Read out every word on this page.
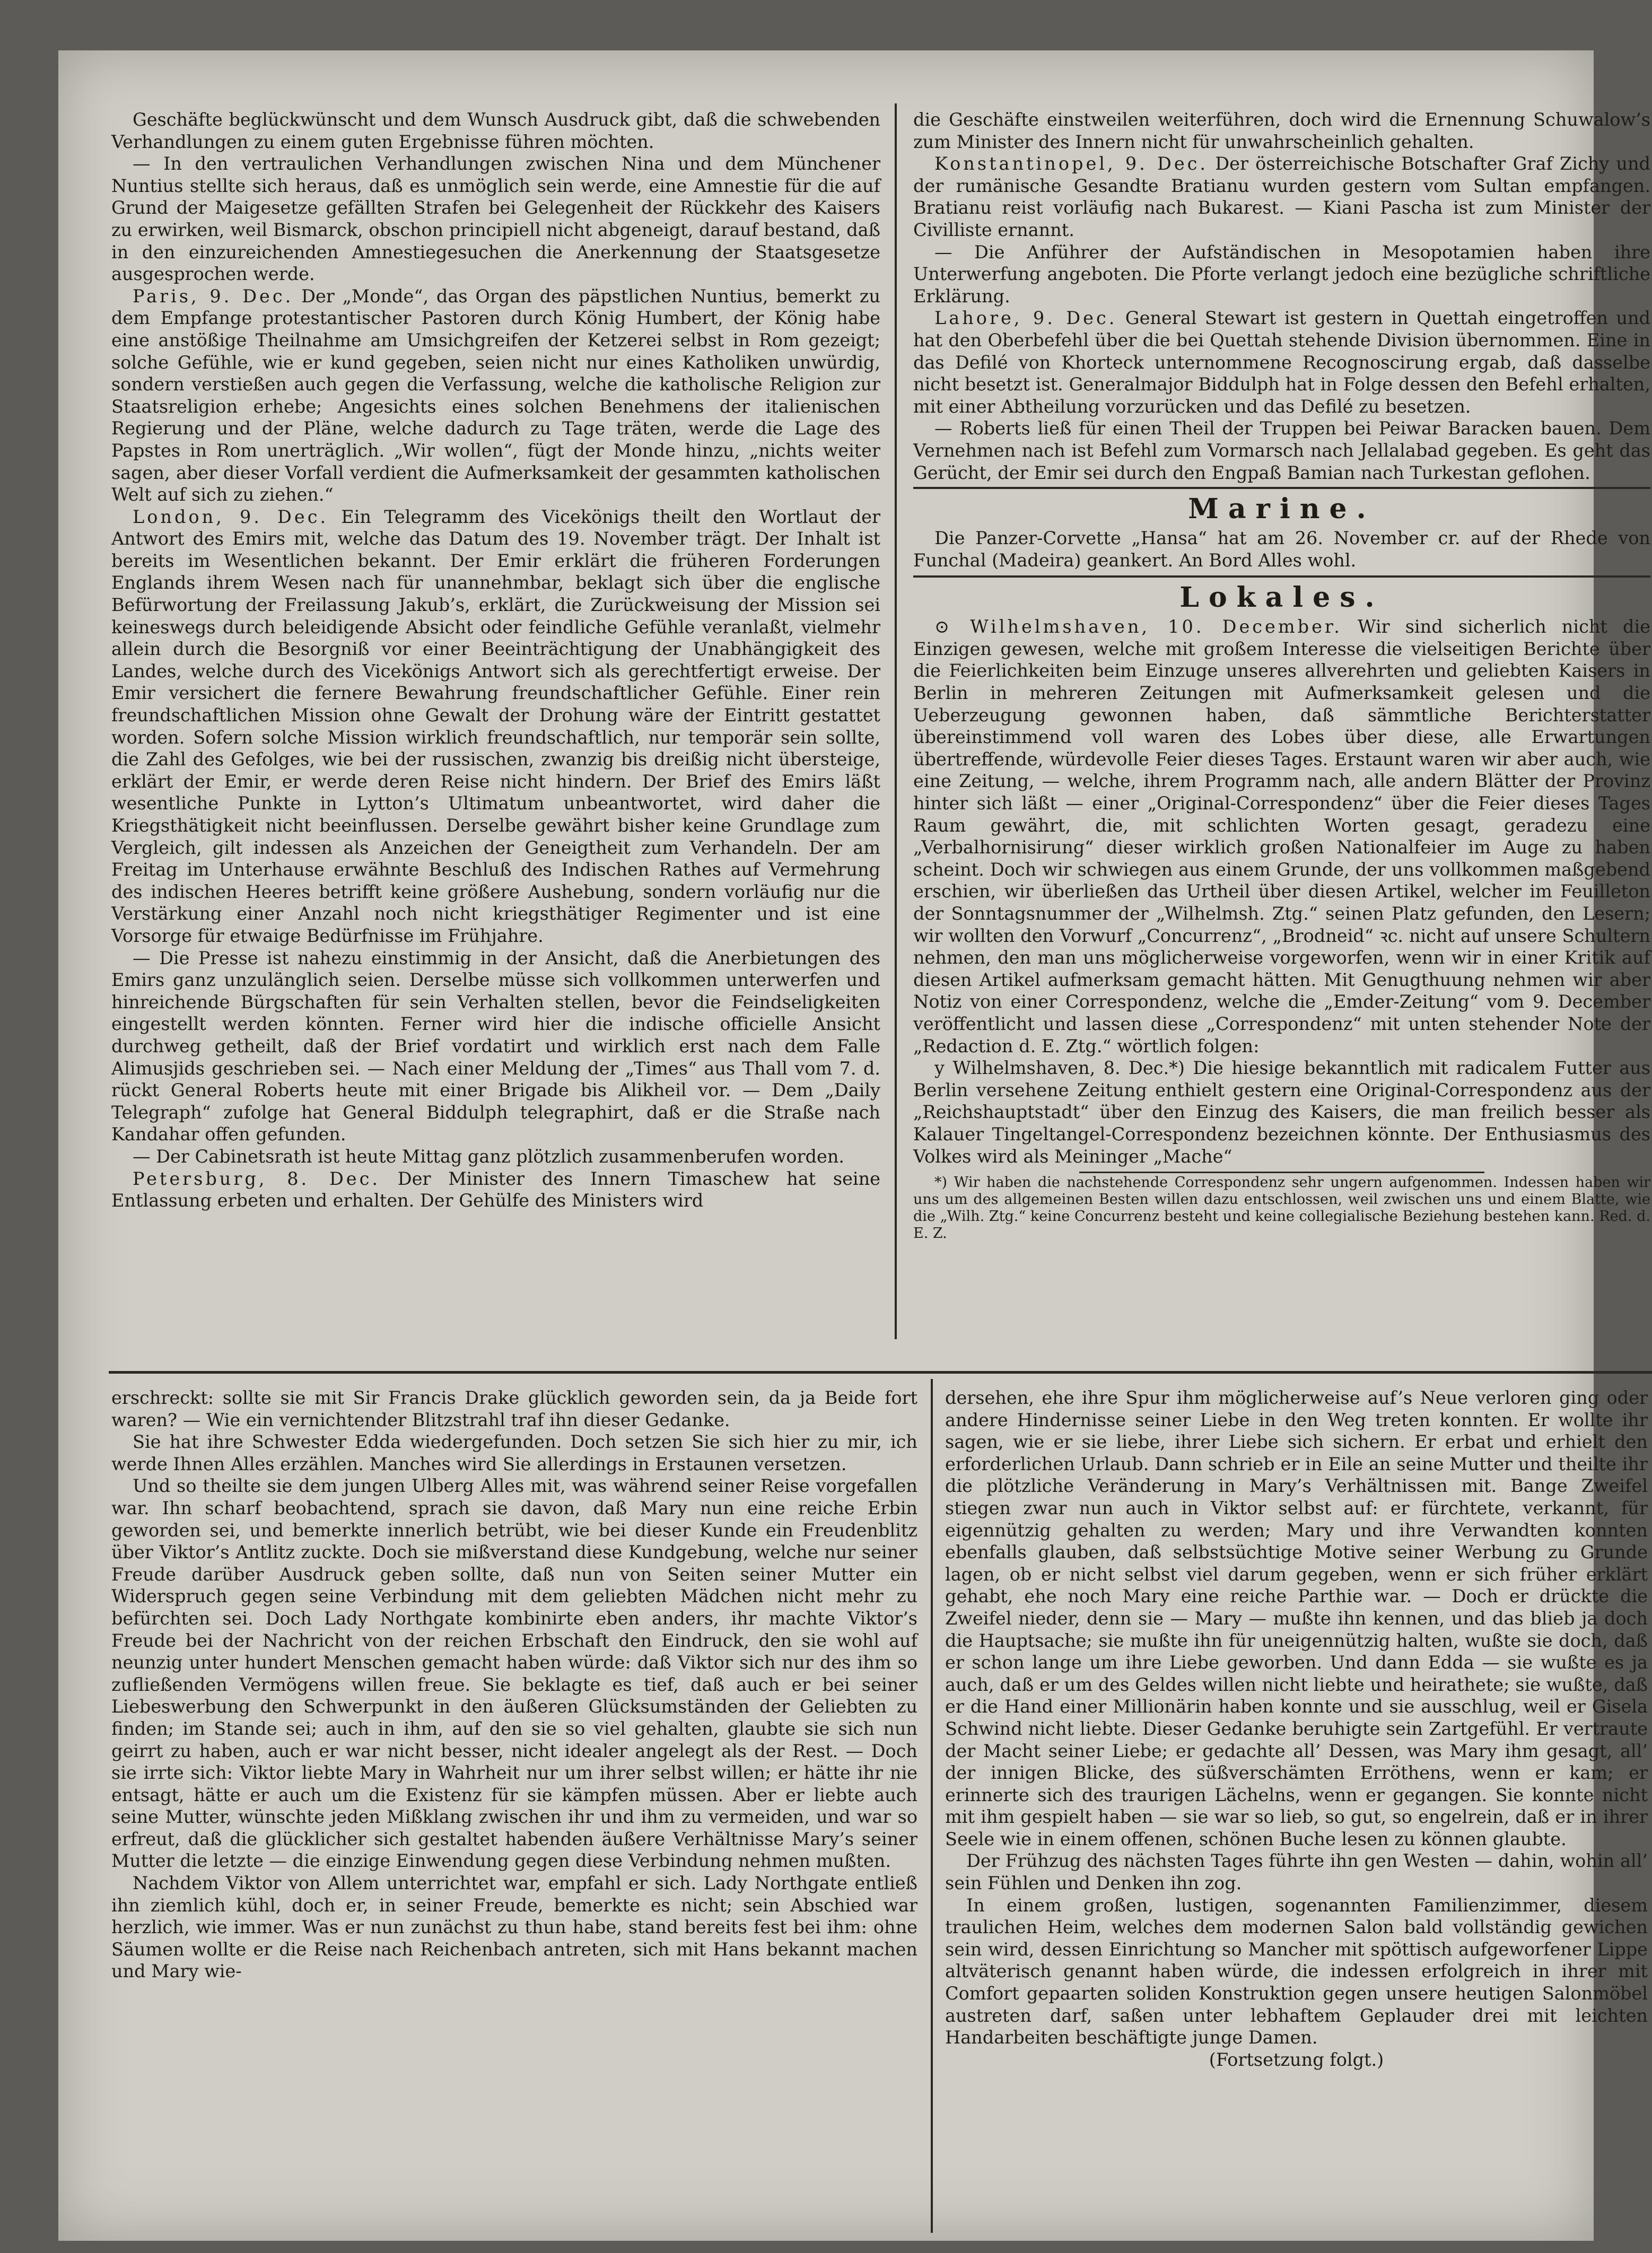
Geschäfte beglückwünscht und dem Wunsch Ausdruck gibt, daß die schwebenden Verhandlungen zu einem guten Ergebnisse führen möchten.

— In den vertraulichen Verhandlungen zwischen Nina und dem Münchener Nuntius stellte sich heraus, daß es unmöglich sein werde, eine Amnestie für die auf Grund der Maigesetze gefällten Strafen bei Gelegenheit der Rückkehr des Kaisers zu erwirken, weil Bismarck, obschon principiell nicht abgeneigt, darauf bestand, daß in den einzureichenden Amnestiegesuchen die Anerkennung der Staatsgesetze ausgesprochen werde.

Paris, 9. Dec. Der „Monde“, das Organ des päpstlichen Nuntius, bemerkt zu dem Empfange protestantischer Pastoren durch König Humbert, der König habe eine anstößige Theilnahme am Umsichgreifen der Ketzerei selbst in Rom gezeigt; solche Gefühle, wie er kund gegeben, seien nicht nur eines Katholiken unwürdig, sondern verstießen auch gegen die Verfassung, welche die katholische Religion zur Staatsreligion erhebe; Angesichts eines solchen Benehmens der italienischen Regierung und der Pläne, welche dadurch zu Tage träten, werde die Lage des Papstes in Rom unerträglich. „Wir wollen“, fügt der Monde hinzu, „nichts weiter sagen, aber dieser Vorfall verdient die Aufmerksamkeit der gesammten katholischen Welt auf sich zu ziehen.“

London, 9. Dec. Ein Telegramm des Vicekönigs theilt den Wortlaut der Antwort des Emirs mit, welche das Datum des 19. November trägt. Der Inhalt ist bereits im Wesentlichen bekannt. Der Emir erklärt die früheren Forderungen Englands ihrem Wesen nach für unannehmbar, beklagt sich über die englische Befürwortung der Freilassung Jakub’s, erklärt, die Zurückweisung der Mission sei keineswegs durch beleidigende Absicht oder feindliche Gefühle veranlaßt, vielmehr allein durch die Besorgniß vor einer Beeinträchtigung der Unabhängigkeit des Landes, welche durch des Vicekönigs Antwort sich als gerechtfertigt erweise. Der Emir versichert die fernere Bewahrung freundschaftlicher Gefühle. Einer rein freundschaftlichen Mission ohne Gewalt der Drohung wäre der Eintritt gestattet worden. Sofern solche Mission wirklich freundschaftlich, nur temporär sein sollte, die Zahl des Gefolges, wie bei der russischen, zwanzig bis dreißig nicht übersteige, erklärt der Emir, er werde deren Reise nicht hindern. Der Brief des Emirs läßt wesentliche Punkte in Lytton’s Ultimatum unbeantwortet, wird daher die Kriegsthätigkeit nicht beeinflussen. Derselbe gewährt bisher keine Grundlage zum Vergleich, gilt indessen als Anzeichen der Geneigtheit zum Verhandeln. Der am Freitag im Unterhause erwähnte Beschluß des Indischen Rathes auf Vermehrung des indischen Heeres betrifft keine größere Aushebung, sondern vorläufig nur die Verstärkung einer Anzahl noch nicht kriegsthätiger Regimenter und ist eine Vorsorge für etwaige Bedürfnisse im Frühjahre.

— Die Presse ist nahezu einstimmig in der Ansicht, daß die Anerbietungen des Emirs ganz unzulänglich seien. Derselbe müsse sich vollkommen unterwerfen und hinreichende Bürgschaften für sein Verhalten stellen, bevor die Feindseligkeiten eingestellt werden könnten. Ferner wird hier die indische officielle Ansicht durchweg getheilt, daß der Brief vordatirt und wirklich erst nach dem Falle Alimusjids geschrieben sei. — Nach einer Meldung der „Times“ aus Thall vom 7. d. rückt General Roberts heute mit einer Brigade bis Alikheil vor. — Dem „Daily Telegraph“ zufolge hat General Biddulph telegraphirt, daß er die Straße nach Kandahar offen gefunden.

— Der Cabinetsrath ist heute Mittag ganz plötzlich zusammenberufen worden.

Petersburg, 8. Dec. Der Minister des Innern Timaschew hat seine Entlassung erbeten und erhalten. Der Gehülfe des Ministers wird

die Geschäfte einstweilen weiterführen, doch wird die Ernennung Schuwalow’s zum Minister des Innern nicht für unwahrscheinlich gehalten.

Konstantinopel, 9. Dec. Der österreichische Botschafter Graf Zichy und der rumänische Gesandte Bratianu wurden gestern vom Sultan empfangen. Bratianu reist vorläufig nach Bukarest. — Kiani Pascha ist zum Minister der Civilliste ernannt.

— Die Anführer der Aufständischen in Mesopotamien haben ihre Unterwerfung angeboten. Die Pforte verlangt jedoch eine bezügliche schriftliche Erklärung.

Lahore, 9. Dec. General Stewart ist gestern in Quettah eingetroffen und hat den Oberbefehl über die bei Quettah stehende Division übernommen. Eine in das Defilé von Khorteck unternommene Recognoscirung ergab, daß dasselbe nicht besetzt ist. Generalmajor Biddulph hat in Folge dessen den Befehl erhalten, mit einer Abtheilung vorzurücken und das Defilé zu besetzen.

— Roberts ließ für einen Theil der Truppen bei Peiwar Baracken bauen. Dem Vernehmen nach ist Befehl zum Vormarsch nach Jellalabad gegeben. Es geht das Gerücht, der Emir sei durch den Engpaß Bamian nach Turkestan geflohen.

Marine.

Die Panzer-Corvette „Hansa“ hat am 26. November cr. auf der Rhede von Funchal (Madeira) geankert. An Bord Alles wohl.

Lokales.

⊙ Wilhelmshaven, 10. December. Wir sind sicherlich nicht die Einzigen gewesen, welche mit großem Interesse die vielseitigen Berichte über die Feierlichkeiten beim Einzuge unseres allverehrten und geliebten Kaisers in Berlin in mehreren Zeitungen mit Aufmerksamkeit gelesen und die Ueberzeugung gewonnen haben, daß sämmtliche Berichterstatter übereinstimmend voll waren des Lobes über diese, alle Erwartungen übertreffende, würdevolle Feier dieses Tages. Erstaunt waren wir aber auch, wie eine Zeitung, — welche, ihrem Programm nach, alle andern Blätter der Provinz hinter sich läßt — einer „Original-Correspondenz“ über die Feier dieses Tages Raum gewährt, die, mit schlichten Worten gesagt, geradezu eine „Verbalhornisirung“ dieser wirklich großen Nationalfeier im Auge zu haben scheint. Doch wir schwiegen aus einem Grunde, der uns vollkommen maßgebend erschien, wir überließen das Urtheil über diesen Artikel, welcher im Feuilleton der Sonntagsnummer der „Wilhelmsh. Ztg.“ seinen Platz gefunden, den Lesern; wir wollten den Vorwurf „Concurrenz“, „Brodneid“ ꝛc. nicht auf unsere Schultern nehmen, den man uns möglicherweise vorgeworfen, wenn wir in einer Kritik auf diesen Artikel aufmerksam gemacht hätten. Mit Genugthuung nehmen wir aber Notiz von einer Correspondenz, welche die „Emder-Zeitung“ vom 9. December veröffentlicht und lassen diese „Correspondenz“ mit unten stehender Note der „Redaction d. E. Ztg.“ wörtlich folgen:

y Wilhelmshaven, 8. Dec.*) Die hiesige bekanntlich mit radicalem Futter aus Berlin versehene Zeitung enthielt gestern eine Original-Correspondenz aus der „Reichshauptstadt“ über den Einzug des Kaisers, die man freilich besser als Kalauer Tingeltangel-Correspondenz bezeichnen könnte. Der Enthusiasmus des Volkes wird als Meininger „Mache“

*) Wir haben die nachstehende Correspondenz sehr ungern aufgenommen. Indessen haben wir uns um des allgemeinen Besten willen dazu entschlossen, weil zwischen uns und einem Blatte, wie die „Wilh. Ztg.“ keine Concurrenz besteht und keine collegialische Beziehung bestehen kann. Red. d. E. Z.

erschreckt: sollte sie mit Sir Francis Drake glücklich geworden sein, da ja Beide fort waren? — Wie ein vernichtender Blitzstrahl traf ihn dieser Gedanke.

Sie hat ihre Schwester Edda wiedergefunden. Doch setzen Sie sich hier zu mir, ich werde Ihnen Alles erzählen. Manches wird Sie allerdings in Erstaunen versetzen.

Und so theilte sie dem jungen Ulberg Alles mit, was während seiner Reise vorgefallen war. Ihn scharf beobachtend, sprach sie davon, daß Mary nun eine reiche Erbin geworden sei, und bemerkte innerlich betrübt, wie bei dieser Kunde ein Freudenblitz über Viktor’s Antlitz zuckte. Doch sie mißverstand diese Kundgebung, welche nur seiner Freude darüber Ausdruck geben sollte, daß nun von Seiten seiner Mutter ein Widerspruch gegen seine Verbindung mit dem geliebten Mädchen nicht mehr zu befürchten sei. Doch Lady Northgate kombinirte eben anders, ihr machte Viktor’s Freude bei der Nachricht von der reichen Erbschaft den Eindruck, den sie wohl auf neunzig unter hundert Menschen gemacht haben würde: daß Viktor sich nur des ihm so zufließenden Vermögens willen freue. Sie beklagte es tief, daß auch er bei seiner Liebeswerbung den Schwerpunkt in den äußeren Glücksumständen der Geliebten zu finden; im Stande sei; auch in ihm, auf den sie so viel gehalten, glaubte sie sich nun geirrt zu haben, auch er war nicht besser, nicht idealer angelegt als der Rest. — Doch sie irrte sich: Viktor liebte Mary in Wahrheit nur um ihrer selbst willen; er hätte ihr nie entsagt, hätte er auch um die Existenz für sie kämpfen müssen. Aber er liebte auch seine Mutter, wünschte jeden Mißklang zwischen ihr und ihm zu vermeiden, und war so erfreut, daß die glücklicher sich gestaltet habenden äußere Verhältnisse Mary’s seiner Mutter die letzte — die einzige Einwendung gegen diese Verbindung nehmen mußten.

Nachdem Viktor von Allem unterrichtet war, empfahl er sich. Lady Northgate entließ ihn ziemlich kühl, doch er, in seiner Freude, bemerkte es nicht; sein Abschied war herzlich, wie immer. Was er nun zunächst zu thun habe, stand bereits fest bei ihm: ohne Säumen wollte er die Reise nach Reichenbach antreten, sich mit Hans bekannt machen und Mary wie-

dersehen, ehe ihre Spur ihm möglicherweise auf’s Neue verloren ging oder andere Hindernisse seiner Liebe in den Weg treten konnten. Er wollte ihr sagen, wie er sie liebe, ihrer Liebe sich sichern. Er erbat und erhielt den erforderlichen Urlaub. Dann schrieb er in Eile an seine Mutter und theilte ihr die plötzliche Veränderung in Mary’s Verhältnissen mit. Bange Zweifel stiegen zwar nun auch in Viktor selbst auf: er fürchtete, verkannt, für eigennützig gehalten zu werden; Mary und ihre Verwandten konnten ebenfalls glauben, daß selbstsüchtige Motive seiner Werbung zu Grunde lagen, ob er nicht selbst viel darum gegeben, wenn er sich früher erklärt gehabt, ehe noch Mary eine reiche Parthie war. — Doch er drückte die Zweifel nieder, denn sie — Mary — mußte ihn kennen, und das blieb ja doch die Hauptsache; sie mußte ihn für uneigennützig halten, wußte sie doch, daß er schon lange um ihre Liebe geworben. Und dann Edda — sie wußte es ja auch, daß er um des Geldes willen nicht liebte und heirathete; sie wußte, daß er die Hand einer Millionärin haben konnte und sie ausschlug, weil er Gisela Schwind nicht liebte. Dieser Gedanke beruhigte sein Zartgefühl. Er vertraute der Macht seiner Liebe; er gedachte all’ Dessen, was Mary ihm gesagt, all’ der innigen Blicke, des süßverschämten Erröthens, wenn er kam; er erinnerte sich des traurigen Lächelns, wenn er gegangen. Sie konnte nicht mit ihm gespielt haben — sie war so lieb, so gut, so engelrein, daß er in ihrer Seele wie in einem offenen, schönen Buche lesen zu können glaubte.

Der Frühzug des nächsten Tages führte ihn gen Westen — dahin, wohin all’ sein Fühlen und Denken ihn zog.

In einem großen, lustigen, sogenannten Familienzimmer, diesem traulichen Heim, welches dem modernen Salon bald vollständig gewichen sein wird, dessen Einrichtung so Mancher mit spöttisch aufgeworfener Lippe altväterisch genannt haben würde, die indessen erfolgreich in ihrer mit Comfort gepaarten soliden Konstruktion gegen unsere heutigen Salonmöbel austreten darf, saßen unter lebhaftem Geplauder drei mit leichten Handarbeiten beschäftigte junge Damen.

(Fortsetzung folgt.)
